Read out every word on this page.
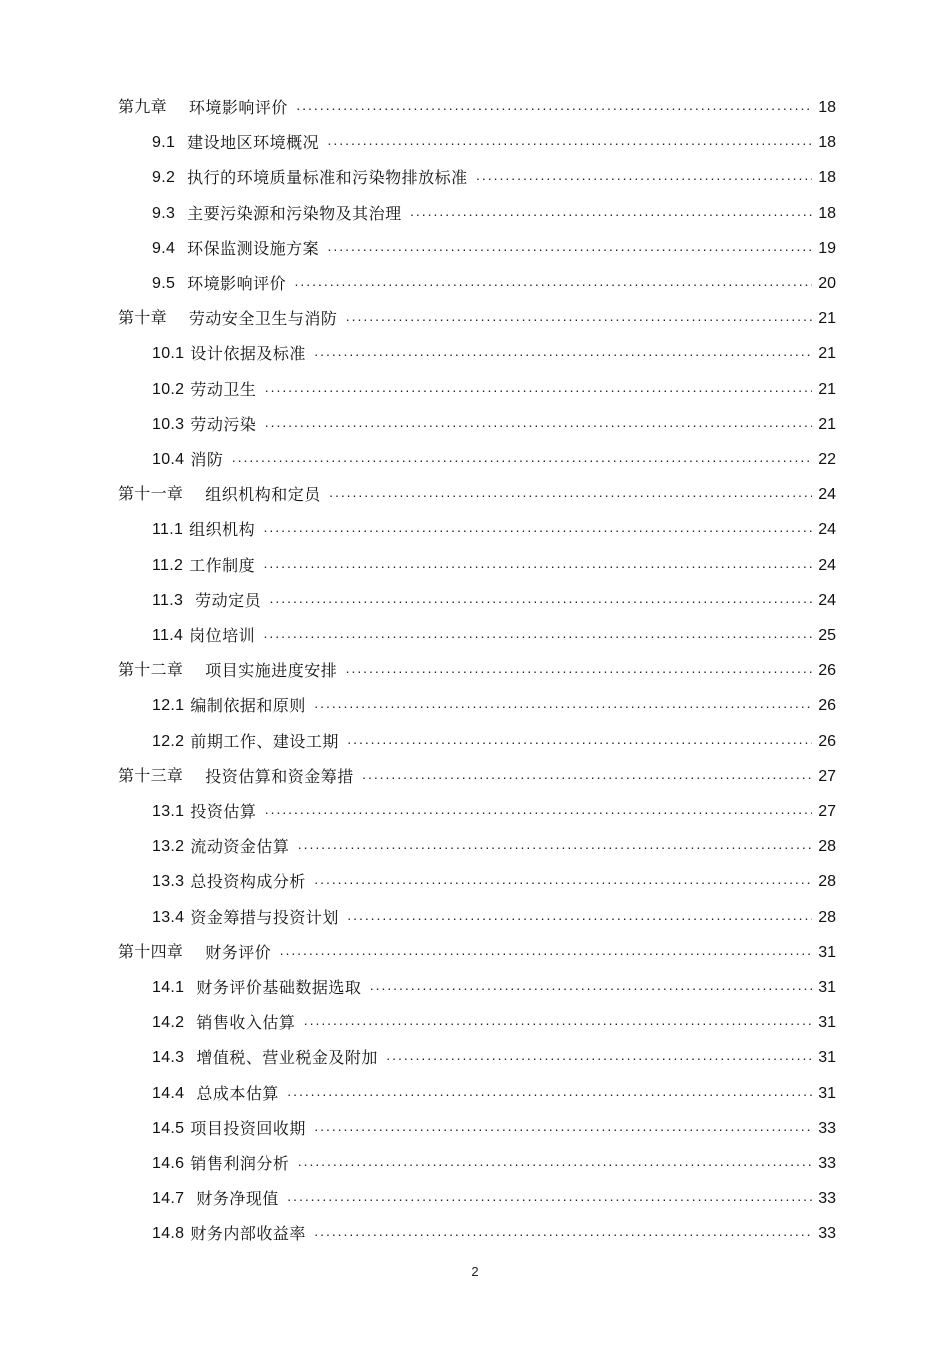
第九章 环境影响评价 ·····	18
9.1 建设地区环境概况 ·····	18
9.2 执行的环境质量标准和污染物排放标准 ·····	18
9.3 主要污染源和污染物及其治理 ·····	18
9.4 环保监测设施方案 ·····	19
9.5 环境影响评价 ·····	20
第十章 劳动安全卫生与消防 ·····	21
10.1 设计依据及标准 ·····	21
10.2 劳动卫生 ·····	21
10.3 劳动污染 ·····	21
10.4 消防 ·····	22
第十一章 组织机构和定员 ·····	24
11.1 组织机构 ·····	24
11.2 工作制度 ·····	24
11.3 劳动定员 ·····	24
11.4 岗位培训 ·····	25
第十二章 项目实施进度安排 ·····	26
12.1 编制依据和原则 ·····	26
12.2 前期工作、建设工期 ·····	26
第十三章 投资估算和资金筹措 ·····	27
13.1 投资估算 ·····	27
13.2 流动资金估算 ·····	28
13.3 总投资构成分析 ·····	28
13.4 资金筹措与投资计划 ·····	28
第十四章 财务评价 ·····	31
14.1 财务评价基础数据选取 ·····	31
14.2 销售收入估算 ·····	31
14.3 增值税、营业税金及附加 ·····	31
14.4 总成本估算 ·····	31
14.5 项目投资回收期 ·····	33
14.6 销售利润分析 ·····	33
14.7 财务净现值 ·····	33
14.8 财务内部收益率 ·····	33
2
